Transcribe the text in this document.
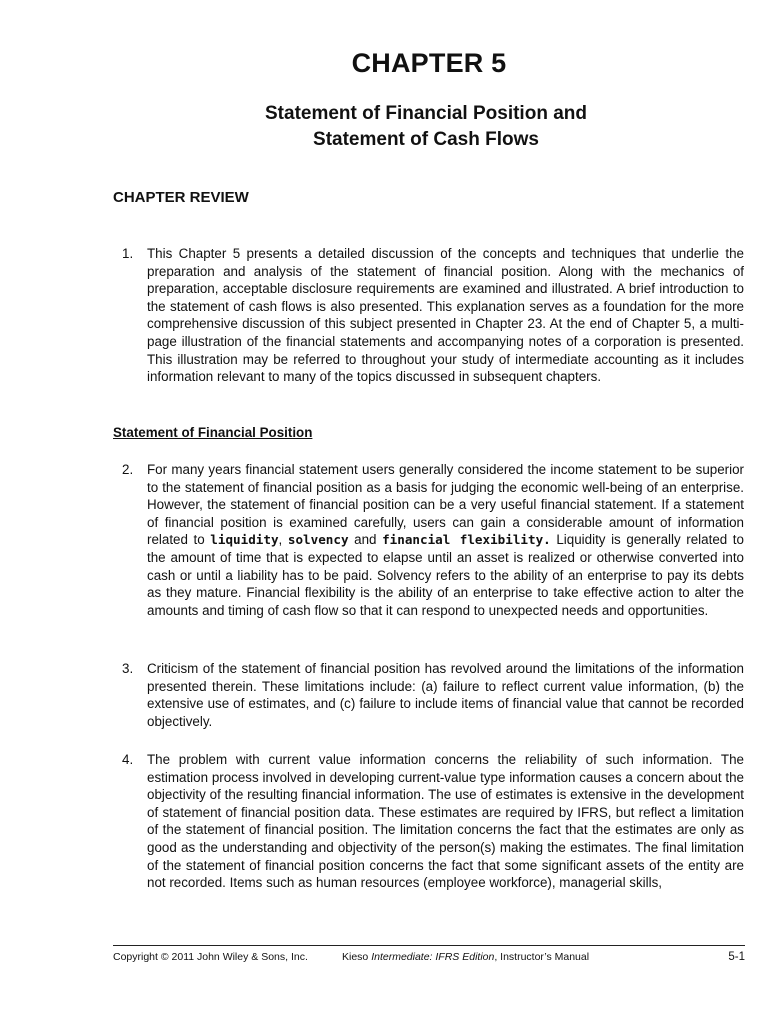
CHAPTER 5
Statement of Financial Position and
Statement of Cash Flows
CHAPTER REVIEW
1. This Chapter 5 presents a detailed discussion of the concepts and techniques that underlie the preparation and analysis of the statement of financial position. Along with the mechanics of preparation, acceptable disclosure requirements are examined and illustrated. A brief introduction to the statement of cash flows is also presented. This explanation serves as a foundation for the more comprehensive discussion of this subject presented in Chapter 23. At the end of Chapter 5, a multi-page illustration of the financial statements and accompanying notes of a corporation is presented. This illustration may be referred to throughout your study of intermediate accounting as it includes information relevant to many of the topics discussed in subsequent chapters.
Statement of Financial Position
2. For many years financial statement users generally considered the income statement to be superior to the statement of financial position as a basis for judging the economic well-being of an enterprise. However, the statement of financial position can be a very useful financial statement. If a statement of financial position is examined carefully, users can gain a considerable amount of information related to liquidity, solvency and financial flexibility. Liquidity is generally related to the amount of time that is expected to elapse until an asset is realized or otherwise converted into cash or until a liability has to be paid. Solvency refers to the ability of an enterprise to pay its debts as they mature. Financial flexibility is the ability of an enterprise to take effective action to alter the amounts and timing of cash flow so that it can respond to unexpected needs and opportunities.
3. Criticism of the statement of financial position has revolved around the limitations of the information presented therein. These limitations include: (a) failure to reflect current value information, (b) the extensive use of estimates, and (c) failure to include items of financial value that cannot be recorded objectively.
4. The problem with current value information concerns the reliability of such information. The estimation process involved in developing current-value type information causes a concern about the objectivity of the resulting financial information. The use of estimates is extensive in the development of statement of financial position data. These estimates are required by IFRS, but reflect a limitation of the statement of financial position. The limitation concerns the fact that the estimates are only as good as the understanding and objectivity of the person(s) making the estimates. The final limitation of the statement of financial position concerns the fact that some significant assets of the entity are not recorded. Items such as human resources (employee workforce), managerial skills,
Copyright © 2011 John Wiley & Sons, Inc.	Kieso Intermediate: IFRS Edition, Instructor’s Manual	5-1
